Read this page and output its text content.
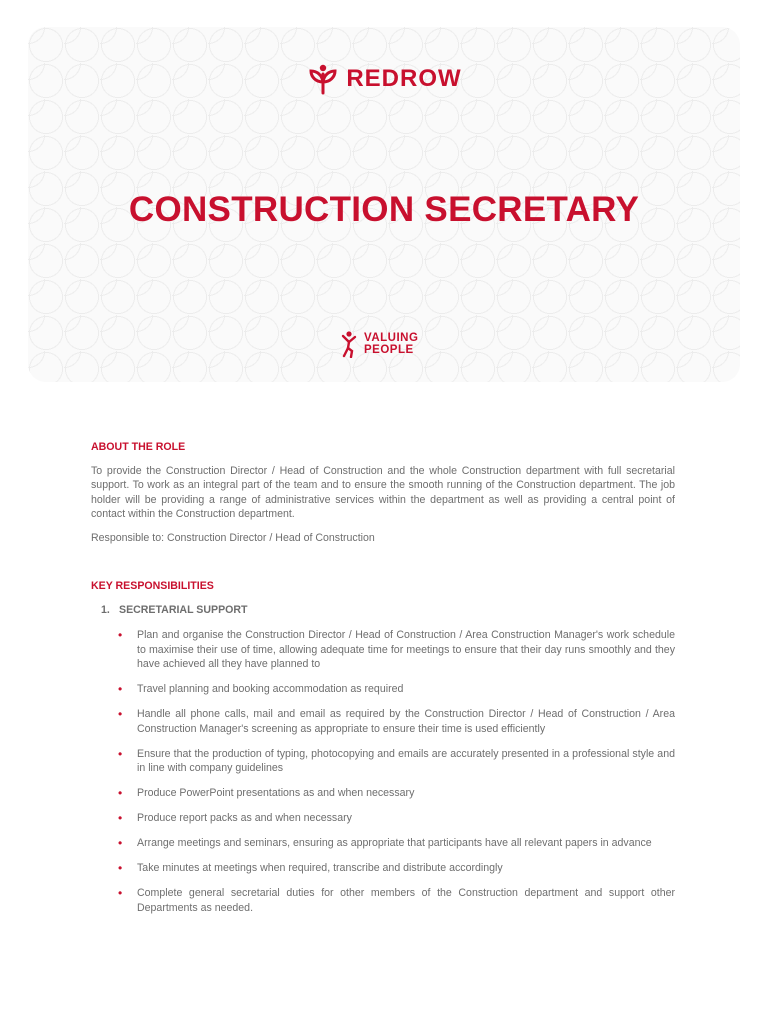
REDROW
CONSTRUCTION SECRETARY
VALUING
PEOPLE
ABOUT THE ROLE

To provide the Construction Director / Head of Construction and the whole Construction department with full secretarial support. To work as an integral part of the team and to ensure the smooth running of the Construction department. The job holder will be providing a range of administrative services within the department as well as providing a central point of contact within the Construction department.

Responsible to: Construction Director / Head of Construction

KEY RESPONSIBILITIES
1. SECRETARIAL SUPPORT
• Plan and organise the Construction Director / Head of Construction / Area Construction Manager's work schedule to maximise their use of time, allowing adequate time for meetings to ensure that their day runs smoothly and they have achieved all they have planned to
• Travel planning and booking accommodation as required
• Handle all phone calls, mail and email as required by the Construction Director / Head of Construction / Area Construction Manager's screening as appropriate to ensure their time is used efficiently
• Ensure that the production of typing, photocopying and emails are accurately presented in a professional style and in line with company guidelines
• Produce PowerPoint presentations as and when necessary
• Produce report packs as and when necessary
• Arrange meetings and seminars, ensuring as appropriate that participants have all relevant papers in advance
• Take minutes at meetings when required, transcribe and distribute accordingly
• Complete general secretarial duties for other members of the Construction department and support other Departments as needed.
